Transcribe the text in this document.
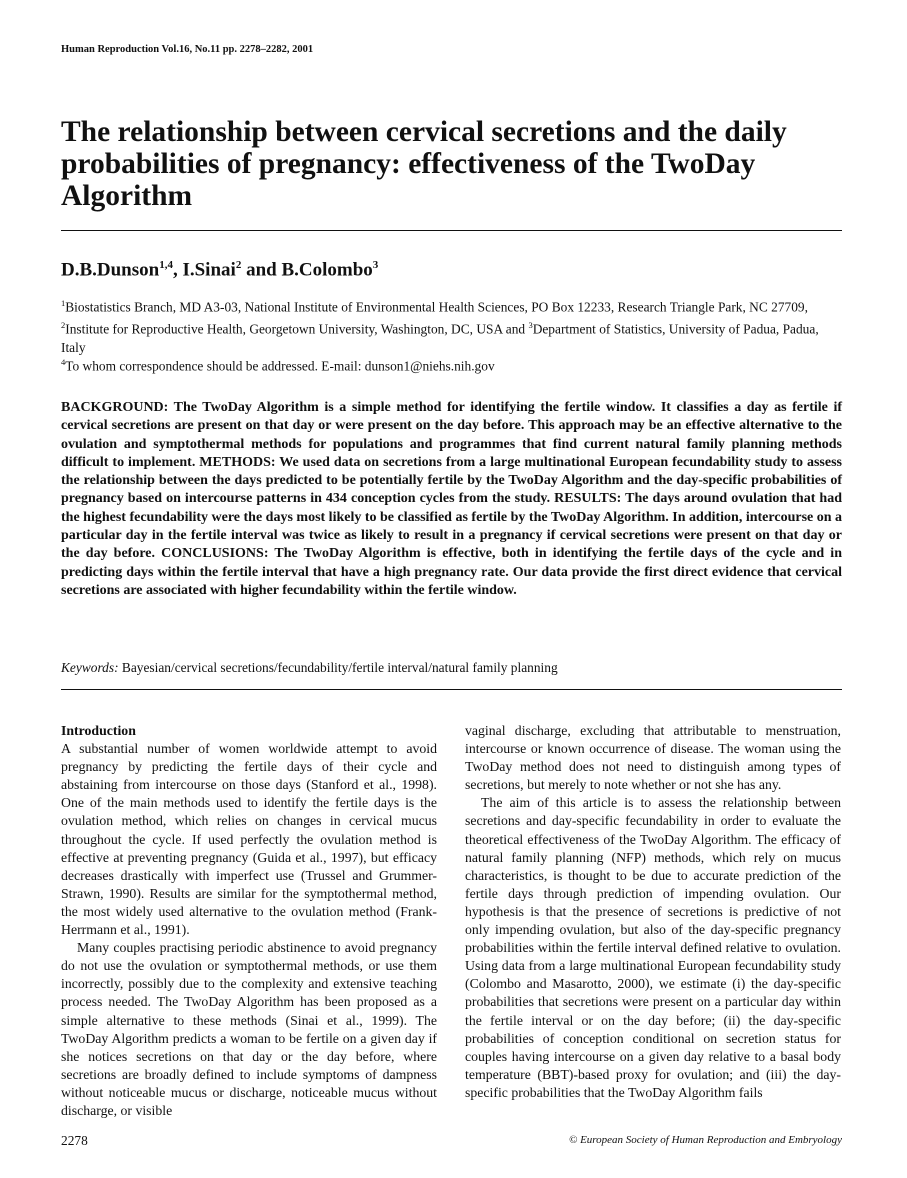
Human Reproduction Vol.16, No.11 pp. 2278–2282, 2001
The relationship between cervical secretions and the daily probabilities of pregnancy: effectiveness of the TwoDay Algorithm
D.B.Dunson$^{1,4}$, I.Sinai$^2$ and B.Colombo$^3$
$^1$Biostatistics Branch, MD A3-03, National Institute of Environmental Health Sciences, PO Box 12233, Research Triangle Park, NC 27709, $^2$Institute for Reproductive Health, Georgetown University, Washington, DC, USA and $^3$Department of Statistics, University of Padua, Padua, Italy
$^4$To whom correspondence should be addressed. E-mail: dunson1@niehs.nih.gov
BACKGROUND: The TwoDay Algorithm is a simple method for identifying the fertile window. It classifies a day as fertile if cervical secretions are present on that day or were present on the day before. This approach may be an effective alternative to the ovulation and symptothermal methods for populations and programmes that find current natural family planning methods difficult to implement. METHODS: We used data on secretions from a large multinational European fecundability study to assess the relationship between the days predicted to be potentially fertile by the TwoDay Algorithm and the day-specific probabilities of pregnancy based on intercourse patterns in 434 conception cycles from the study. RESULTS: The days around ovulation that had the highest fecundability were the days most likely to be classified as fertile by the TwoDay Algorithm. In addition, intercourse on a particular day in the fertile interval was twice as likely to result in a pregnancy if cervical secretions were present on that day or the day before. CONCLUSIONS: The TwoDay Algorithm is effective, both in identifying the fertile days of the cycle and in predicting days within the fertile interval that have a high pregnancy rate. Our data provide the first direct evidence that cervical secretions are associated with higher fecundability within the fertile window.
Keywords: Bayesian/cervical secretions/fecundability/fertile interval/natural family planning
Introduction

A substantial number of women worldwide attempt to avoid pregnancy by predicting the fertile days of their cycle and abstaining from intercourse on those days (Stanford et al., 1998). One of the main methods used to identify the fertile days is the ovulation method, which relies on changes in cervical mucus throughout the cycle. If used perfectly the ovulation method is effective at preventing pregnancy (Guida et al., 1997), but efficacy decreases drastically with imperfect use (Trussel and Grummer-Strawn, 1990). Results are similar for the symptothermal method, the most widely used alternative to the ovulation method (Frank-Herrmann et al., 1991).

Many couples practising periodic abstinence to avoid pregnancy do not use the ovulation or symptothermal methods, or use them incorrectly, possibly due to the complexity and extensive teaching process needed. The TwoDay Algorithm has been proposed as a simple alternative to these methods (Sinai et al., 1999). The TwoDay Algorithm predicts a woman to be fertile on a given day if she notices secretions on that day or the day before, where secretions are broadly defined to include symptoms of dampness without noticeable mucus or discharge, noticeable mucus without discharge, or visible

vaginal discharge, excluding that attributable to menstruation, intercourse or known occurrence of disease. The woman using the TwoDay method does not need to distinguish among types of secretions, but merely to note whether or not she has any.

The aim of this article is to assess the relationship between secretions and day-specific fecundability in order to evaluate the theoretical effectiveness of the TwoDay Algorithm. The efficacy of natural family planning (NFP) methods, which rely on mucus characteristics, is thought to be due to accurate prediction of the fertile days through prediction of impending ovulation. Our hypothesis is that the presence of secretions is predictive of not only impending ovulation, but also of the day-specific pregnancy probabilities within the fertile interval defined relative to ovulation. Using data from a large multinational European fecundability study (Colombo and Masarotto, 2000), we estimate (i) the day-specific probabilities that secretions were present on a particular day within the fertile interval or on the day before; (ii) the day-specific probabilities of conception conditional on secretion status for couples having intercourse on a given day relative to a basal body temperature (BBT)-based proxy for ovulation; and (iii) the day-specific probabilities that the TwoDay Algorithm fails

2278	© European Society of Human Reproduction and Embryology
